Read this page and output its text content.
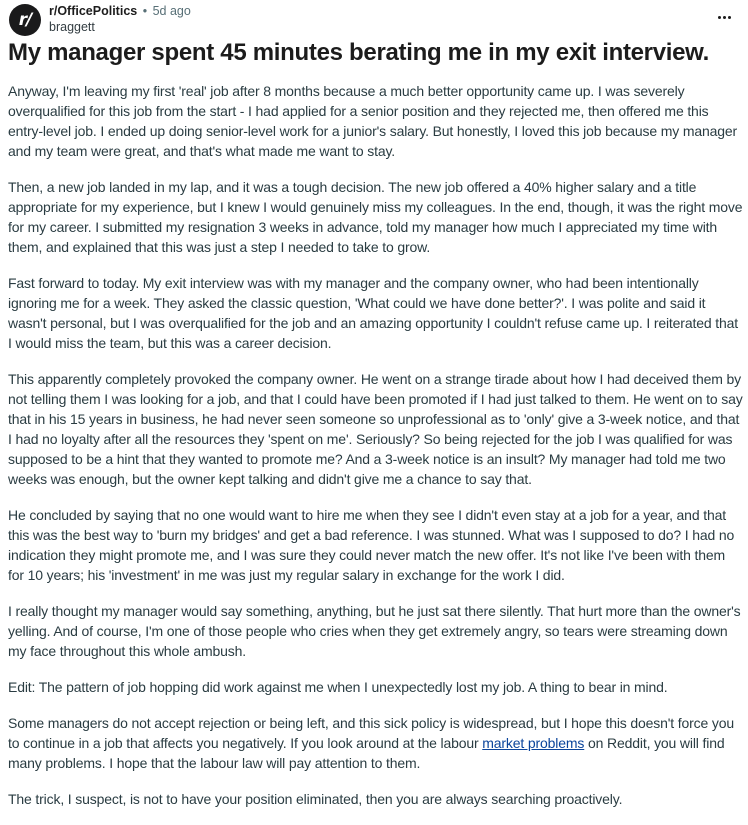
r/	r/OfficePolitics • 5d ago
braggett
My manager spent 45 minutes berating me in my exit interview.

Anyway, I'm leaving my first 'real' job after 8 months because a much better opportunity came up. I was severely overqualified for this job from the start - I had applied for a senior position and they rejected me, then offered me this entry-level job. I ended up doing senior-level work for a junior's salary. But honestly, I loved this job because my manager and my team were great, and that's what made me want to stay.

Then, a new job landed in my lap, and it was a tough decision. The new job offered a 40% higher salary and a title appropriate for my experience, but I knew I would genuinely miss my colleagues. In the end, though, it was the right move for my career. I submitted my resignation 3 weeks in advance, told my manager how much I appreciated my time with them, and explained that this was just a step I needed to take to grow.

Fast forward to today. My exit interview was with my manager and the company owner, who had been intentionally ignoring me for a week. They asked the classic question, 'What could we have done better?'. I was polite and said it wasn't personal, but I was overqualified for the job and an amazing opportunity I couldn't refuse came up. I reiterated that I would miss the team, but this was a career decision.

This apparently completely provoked the company owner. He went on a strange tirade about how I had deceived them by not telling them I was looking for a job, and that I could have been promoted if I had just talked to them. He went on to say that in his 15 years in business, he had never seen someone so unprofessional as to 'only' give a 3-week notice, and that I had no loyalty after all the resources they 'spent on me'. Seriously? So being rejected for the job I was qualified for was supposed to be a hint that they wanted to promote me? And a 3-week notice is an insult? My manager had told me two weeks was enough, but the owner kept talking and didn't give me a chance to say that.

He concluded by saying that no one would want to hire me when they see I didn't even stay at a job for a year, and that this was the best way to 'burn my bridges' and get a bad reference. I was stunned. What was I supposed to do? I had no indication they might promote me, and I was sure they could never match the new offer. It's not like I've been with them for 10 years; his 'investment' in me was just my regular salary in exchange for the work I did.

I really thought my manager would say something, anything, but he just sat there silently. That hurt more than the owner's yelling. And of course, I'm one of those people who cries when they get extremely angry, so tears were streaming down my face throughout this whole ambush.

Edit: The pattern of job hopping did work against me when I unexpectedly lost my job. A thing to bear in mind.

Some managers do not accept rejection or being left, and this sick policy is widespread, but I hope this doesn't force you to continue in a job that affects you negatively. If you look around at the labour market problems on Reddit, you will find many problems. I hope that the labour law will pay attention to them.

The trick, I suspect, is not to have your position eliminated, then you are always searching proactively.
